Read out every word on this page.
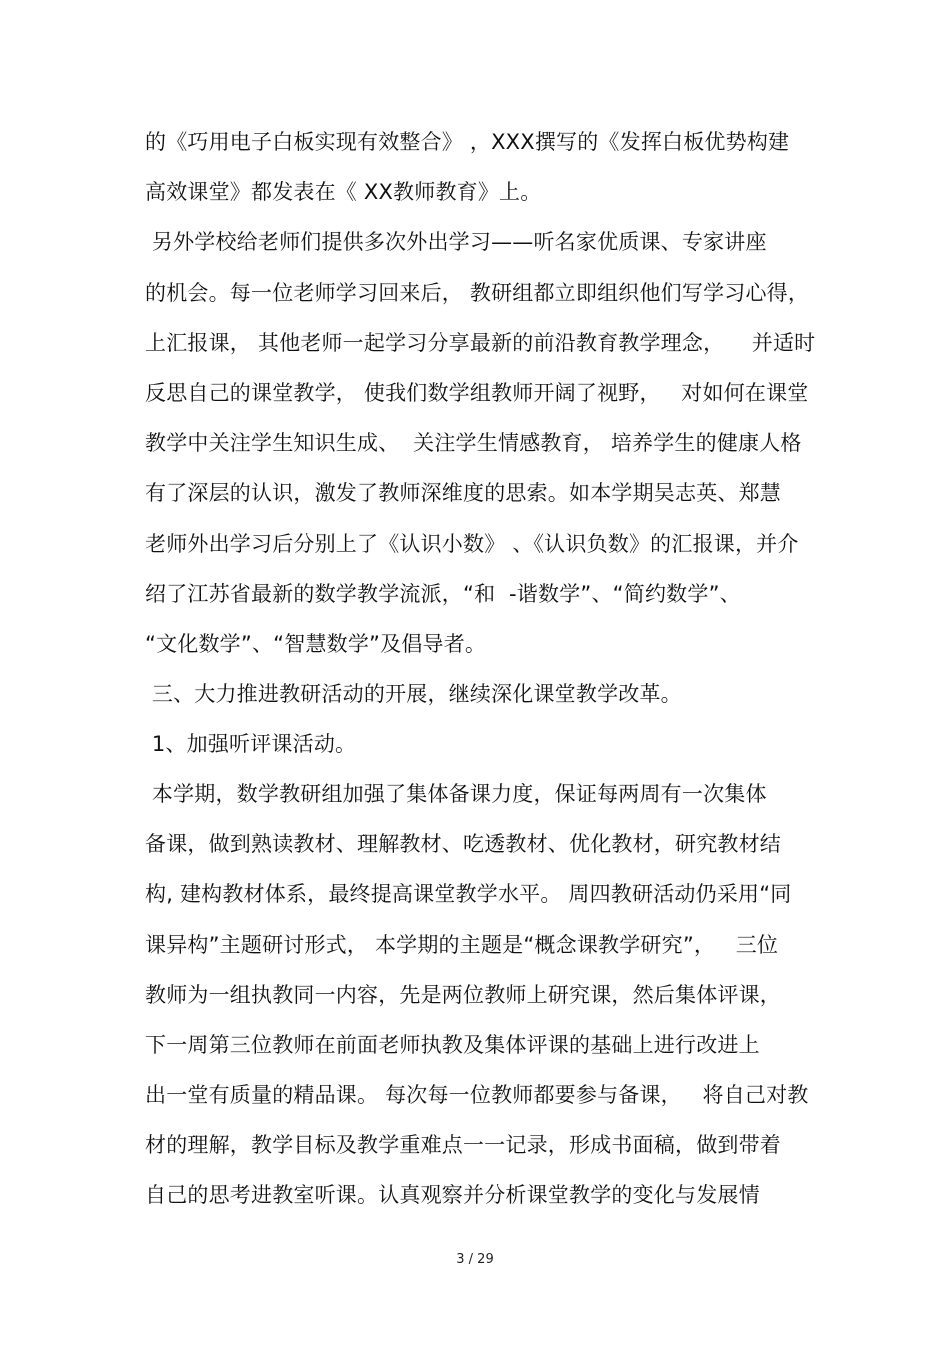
的《巧用电子白板实现有效整合》 ，XXX撰写的《发挥白板优势构建
高效课堂》都发表在《 XX教师教育》上。
另外学校给老师们提供多次外出学习——听名家优质课、专家讲座
的机会。每一位老师学习回来后， 教研组都立即组织他们写学习心得，
上汇报课， 其他老师一起学习分享最新的前沿教育教学理念，    并适时
反思自己的课堂教学， 使我们数学组教师开阔了视野，   对如何在课堂
教学中关注学生知识生成、  关注学生情感教育， 培养学生的健康人格
有了深层的认识，激发了教师深维度的思索。如本学期吴志英、郑慧
老师外出学习后分别上了《认识小数》 、《认识负数》的汇报课，并介
绍了江苏省最新的数学教学流派，“和  -谐数学”、“简约数学”、
“文化数学”、“智慧数学”及倡导者。
三、大力推进教研活动的开展，继续深化课堂教学改革。
1、加强听评课活动。
本学期，数学教研组加强了集体备课力度，保证每两周有一次集体
备课，做到熟读教材、理解教材、吃透教材、优化教材，研究教材结
构, 建构教材体系，最终提高课堂教学水平。 周四教研活动仍采用“同
课异构”主题研讨形式， 本学期的主题是“概念课教学研究”，   三位
教师为一组执教同一内容，先是两位教师上研究课，然后集体评课，
下一周第三位教师在前面老师执教及集体评课的基础上进行改进上
出一堂有质量的精品课。 每次每一位教师都要参与备课，   将自己对教
材的理解，教学目标及教学重难点一一记录，形成书面稿，做到带着
自己的思考进教室听课。认真观察并分析课堂教学的变化与发展情
3 / 29
